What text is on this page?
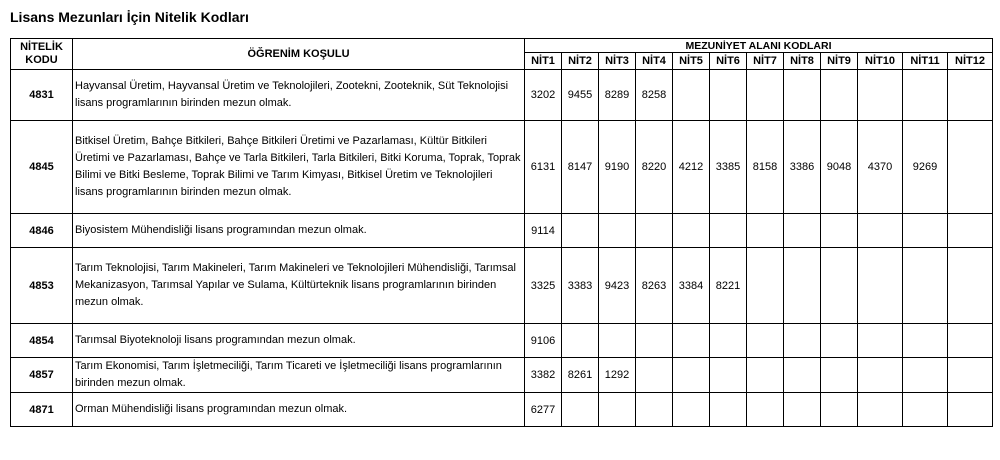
Lisans Mezunları İçin Nitelik Kodları
NİTELİK
KODU	ÖĞRENİM KOŞULU	MEZUNİYET ALANI KODLARI											
		NİT1	NİT2	NİT3	NİT4	NİT5	NİT6	NİT7	NİT8	NİT9	NİT10	NİT11	NİT12
4831	Hayvansal Üretim, Hayvansal Üretim ve Teknolojileri, Zootekni, Zooteknik, Süt Teknolojisi lisans programlarının birinden mezun olmak.	3202	9455	8289	8258								
4845	Bitkisel Üretim, Bahçe Bitkileri, Bahçe Bitkileri Üretimi ve Pazarlaması, Kültür Bitkileri Üretimi ve Pazarlaması, Bahçe ve Tarla Bitkileri, Tarla Bitkileri, Bitki Koruma, Toprak, Toprak Bilimi ve Bitki Besleme, Toprak Bilimi ve Tarım Kimyası, Bitkisel Üretim ve Teknolojileri lisans programlarının birinden mezun olmak.	6131	8147	9190	8220	4212	3385	8158	3386	9048	4370	9269	
4846	Biyosistem Mühendisliği lisans programından mezun olmak.	9114											
4853	Tarım Teknolojisi, Tarım Makineleri, Tarım Makineleri ve Teknolojileri Mühendisliği, Tarımsal Mekanizasyon, Tarımsal Yapılar ve Sulama, Kültürteknik lisans programlarının birinden mezun olmak.	3325	3383	9423	8263	3384	8221						
4854	Tarımsal Biyoteknoloji lisans programından mezun olmak.	9106											
4857	Tarım Ekonomisi, Tarım İşletmeciliği, Tarım Ticareti ve İşletmeciliği lisans programlarının birinden mezun olmak.	3382	8261	1292									
4871	Orman Mühendisliği lisans programından mezun olmak.	6277											
